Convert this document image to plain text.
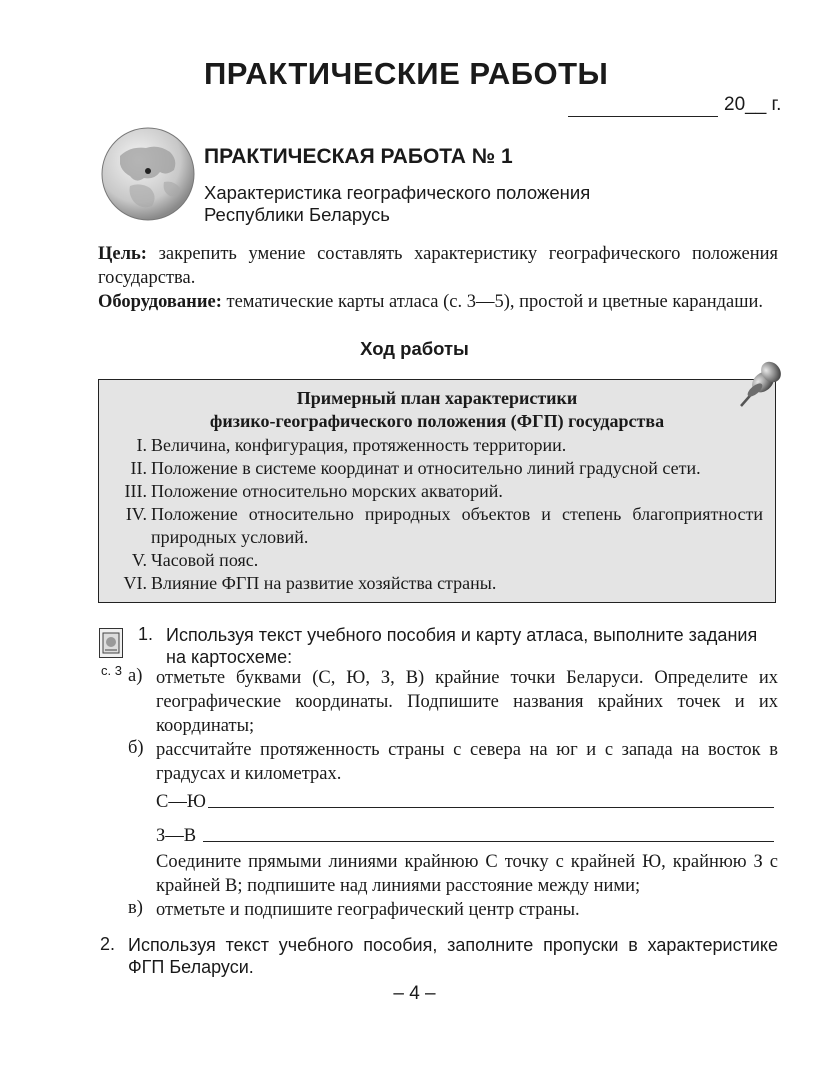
ПРАКТИЧЕСКИЕ РАБОТЫ
20__ г.
ПРАКТИЧЕСКАЯ РАБОТА № 1
Характеристика географического положения
Республики Беларусь
Цель: закрепить умение составлять характеристику географического положения государства.
Оборудование: тематические карты атласа (с. 3—5), простой и цветные карандаши.
Ход работы
Примерный план характеристики
физико-географического положения (ФГП) государства
I. Величина, конфигурация, протяженность территории.
II. Положение в системе координат и относительно линий градусной сети.
III. Положение относительно морских акваторий.
IV. Положение относительно природных объектов и степень благоприятности природных условий.
V. Часовой пояс.
VI. Влияние ФГП на развитие хозяйства страны.
с. 3
1. Используя текст учебного пособия и карту атласа, выполните задания на картосхеме:
а) отметьте буквами (С, Ю, З, В) крайние точки Беларуси. Определите их географические координаты. Подпишите названия крайних точек и их координаты;
б) рассчитайте протяженность страны с севера на юг и с запада на восток в градусах и километрах.
С—Ю
З—В
Соедините прямыми линиями крайнюю С точку с крайней Ю, крайнюю З с крайней В; подпишите над линиями расстояние между ними;
в) отметьте и подпишите географический центр страны.
2. Используя текст учебного пособия, заполните пропуски в характеристике ФГП Беларуси.
– 4 –
